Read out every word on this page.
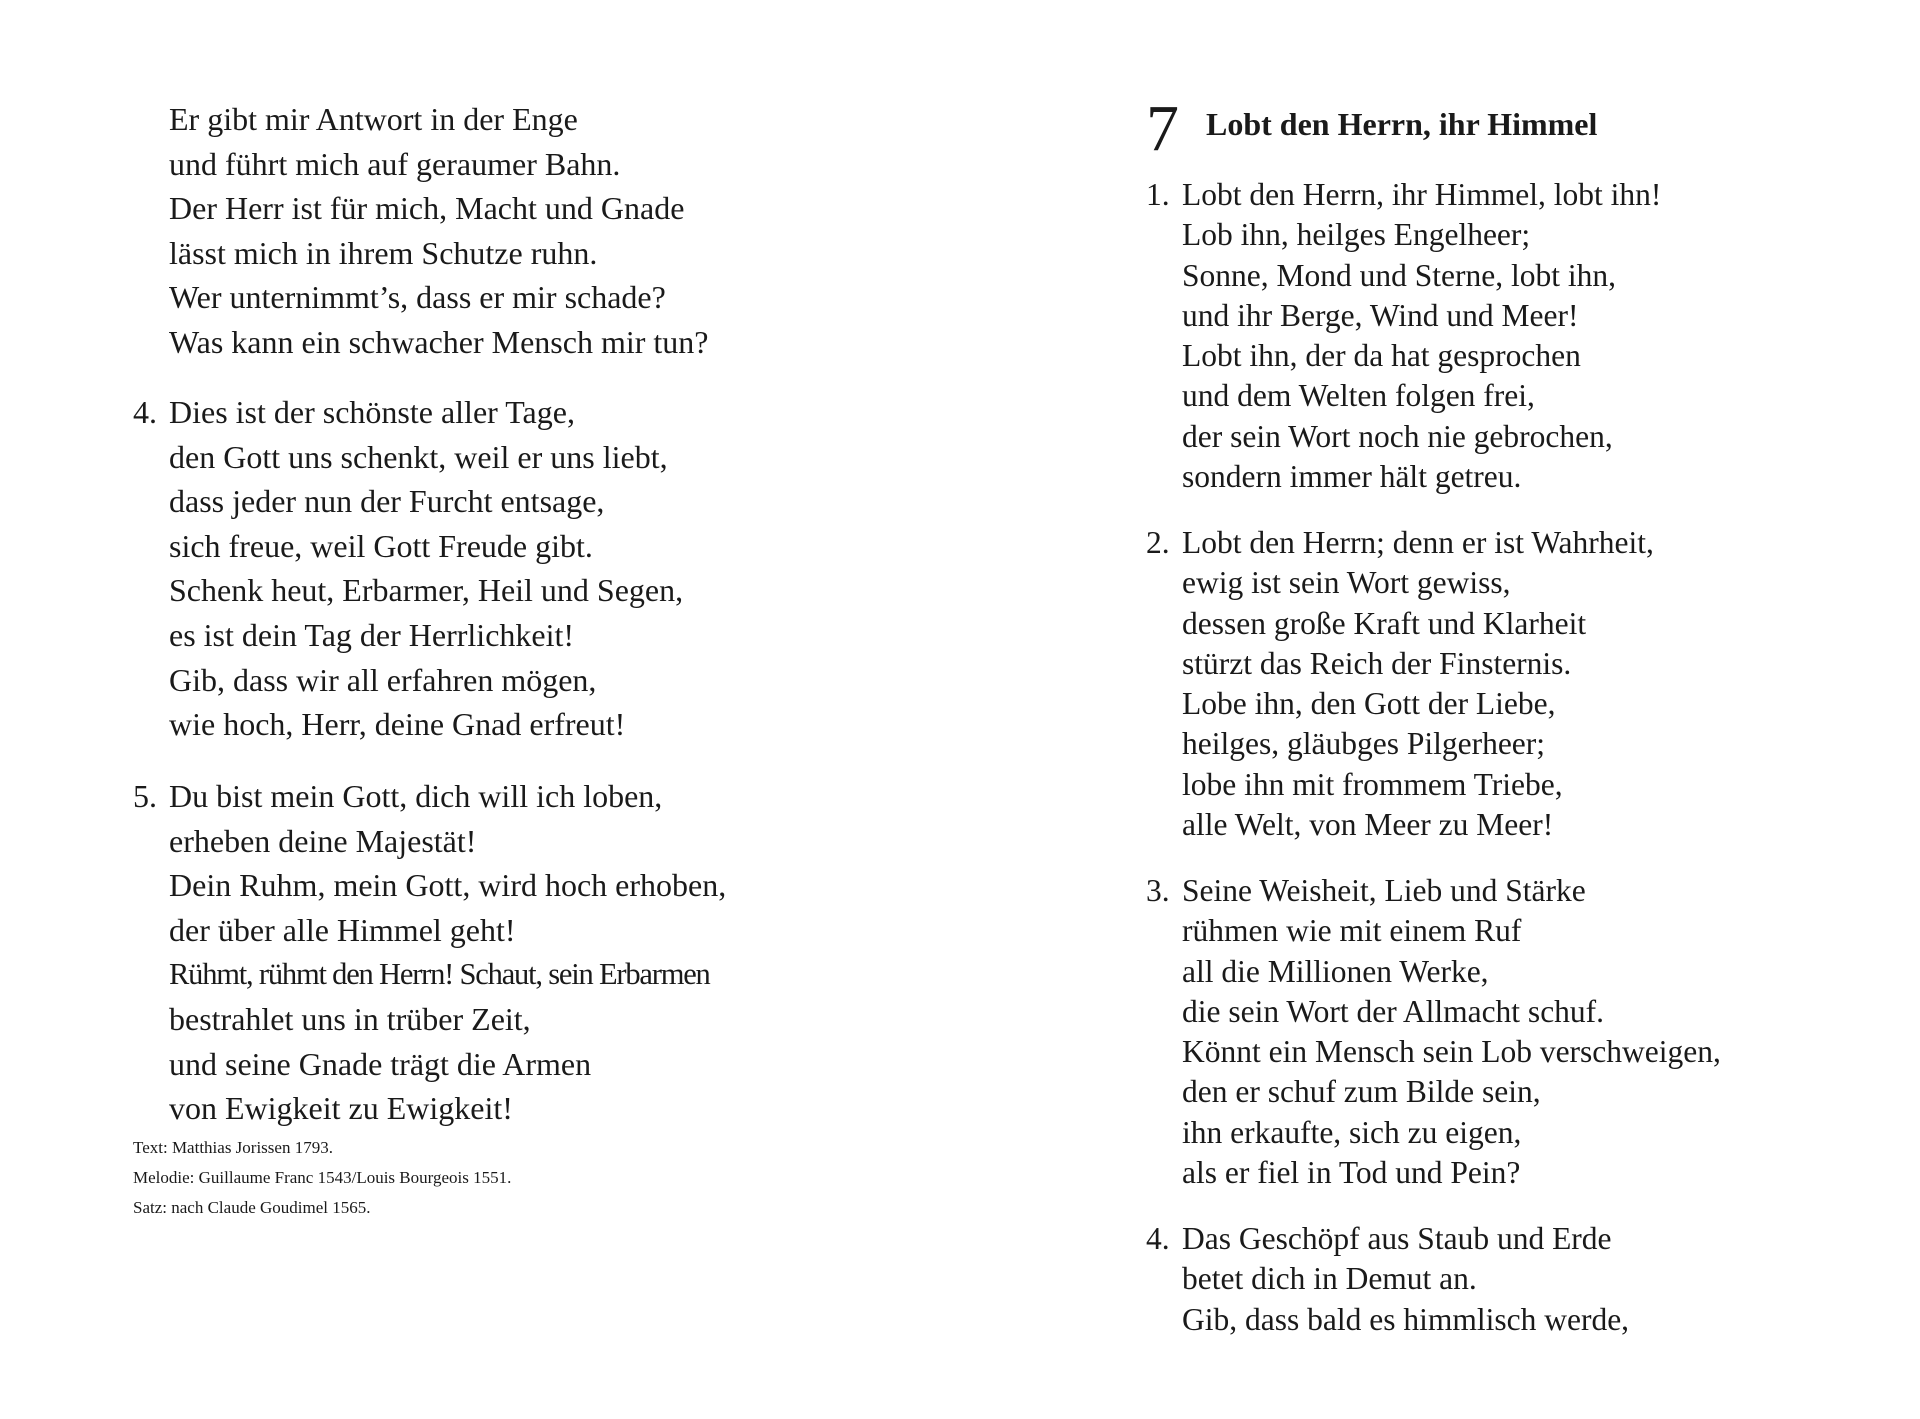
Er gibt mir Antwort in der Enge
und führt mich auf geraumer Bahn.
Der Herr ist für mich, Macht und Gnade
lässt mich in ihrem Schutze ruhn.
Wer unternimmt’s, dass er mir schade?
Was kann ein schwacher Mensch mir tun?
4. Dies ist der schönste aller Tage,
den Gott uns schenkt, weil er uns liebt,
dass jeder nun der Furcht entsage,
sich freue, weil Gott Freude gibt.
Schenk heut, Erbarmer, Heil und Segen,
es ist dein Tag der Herrlichkeit!
Gib, dass wir all erfahren mögen,
wie hoch, Herr, deine Gnad erfreut!
5. Du bist mein Gott, dich will ich loben,
erheben deine Majestät!
Dein Ruhm, mein Gott, wird hoch erhoben,
der über alle Himmel geht!
Rühmt, rühmt den Herrn! Schaut, sein Erbarmen
bestrahlet uns in trüber Zeit,
und seine Gnade trägt die Armen
von Ewigkeit zu Ewigkeit!
Text: Matthias Jorissen 1793.
Melodie: Guillaume Franc 1543/Louis Bourgeois 1551.
Satz: nach Claude Goudimel 1565.
7 Lobt den Herrn, ihr Himmel
1. Lobt den Herrn, ihr Himmel, lobt ihn!
Lob ihn, heilges Engelheer;
Sonne, Mond und Sterne, lobt ihn,
und ihr Berge, Wind und Meer!
Lobt ihn, der da hat gesprochen
und dem Welten folgen frei,
der sein Wort noch nie gebrochen,
sondern immer hält getreu.
2. Lobt den Herrn; denn er ist Wahrheit,
ewig ist sein Wort gewiss,
dessen große Kraft und Klarheit
stürzt das Reich der Finsternis.
Lobe ihn, den Gott der Liebe,
heilges, gläubges Pilgerheer;
lobe ihn mit frommem Triebe,
alle Welt, von Meer zu Meer!
3. Seine Weisheit, Lieb und Stärke
rühmen wie mit einem Ruf
all die Millionen Werke,
die sein Wort der Allmacht schuf.
Könnt ein Mensch sein Lob verschweigen,
den er schuf zum Bilde sein,
ihn erkaufte, sich zu eigen,
als er fiel in Tod und Pein?
4. Das Geschöpf aus Staub und Erde
betet dich in Demut an.
Gib, dass bald es himmlisch werde,
